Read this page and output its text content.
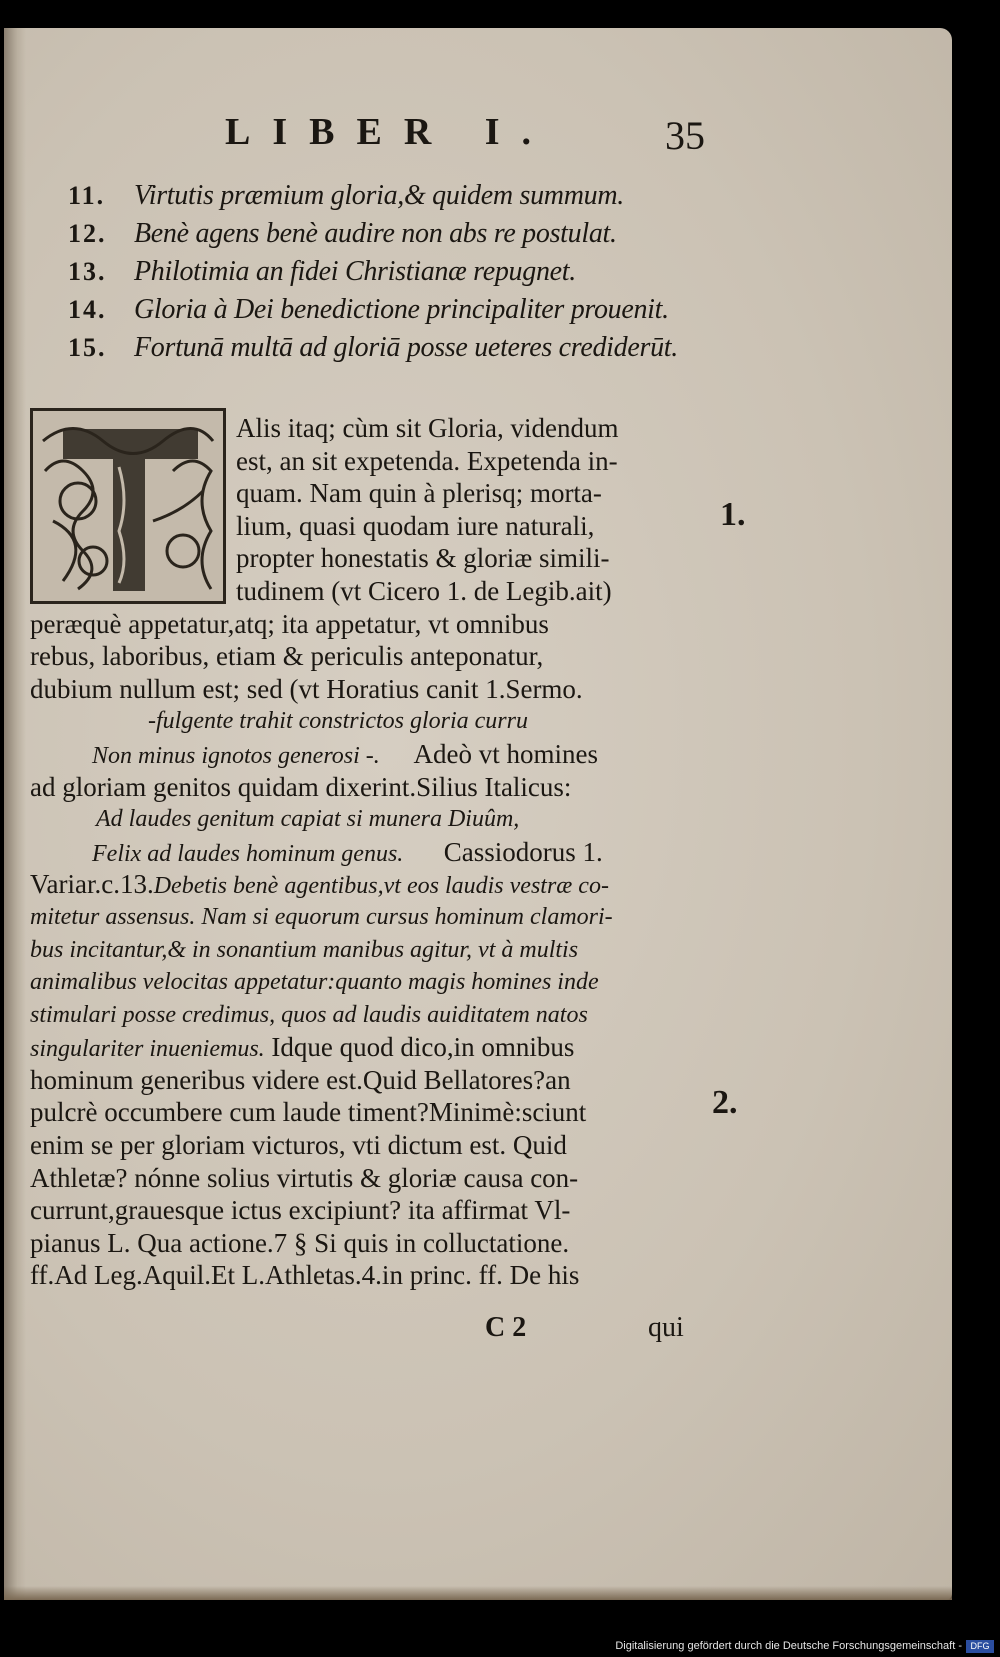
LIBER I.	35
11.	Virtutis præmium gloria,& quidem summum.
12. Benè agens benè audire non abs re postulat.
13. Philotimia an fidei Christianæ repugnet.
14. Gloria à Dei benedictione principaliter prouenit.
15. Fortunā multā ad gloriā posse ueteres crediderūt.
Alis itaq; cùm sit Gloria, videndum
est, an sit expetenda. Expetenda in-
quam. Nam quin à plerisq; morta-
lium, quasi quodam iure naturali,
propter honestatis & gloriæ simili-
tudinem (vt Cicero 1. de Legib.ait)
peræquè appetatur,atq; ita appetatur, vt omnibus
rebus, laboribus, etiam & periculis anteponatur,
dubium nullum est; sed (vt Horatius canit 1.Sermo.
-fulgente trahit constrictos gloria curru
Non minus ignotos generosi -. Adeò vt homines
ad gloriam genitos quidam dixerint.Silius Italicus:
Ad laudes genitum capiat si munera Diuûm,
Felix ad laudes hominum genus. Cassiodorus 1.
Variar.c.13.Debetis benè agentibus,vt eos laudis vestræ co-
mitetur assensus. Nam si equorum cursus hominum clamori-
bus incitantur,& in sonantium manibus agitur, vt à multis
animalibus velocitas appetatur:quanto magis homines inde
stimulari posse credimus, quos ad laudis auiditatem natos
singulariter inueniemus. Idque quod dico,in omnibus
hominum generibus videre est.Quid Bellatores?an
pulcrè occumbere cum laude timent?Minimè:sciunt
enim se per gloriam victuros, vti dictum est. Quid
Athletæ? nónne solius virtutis & gloriæ causa con-
currunt,grauesque ictus excipiunt? ita affirmat Vl-
pianus L. Qua actione.7 § Si quis in colluctatione.
ff.Ad Leg.Aquil.Et L.Athletas.4.in princ. ff. De his
1.
2.
C 2	qui
Digitalisierung gefördert durch die Deutsche Forschungsgemeinschaft - DFG
